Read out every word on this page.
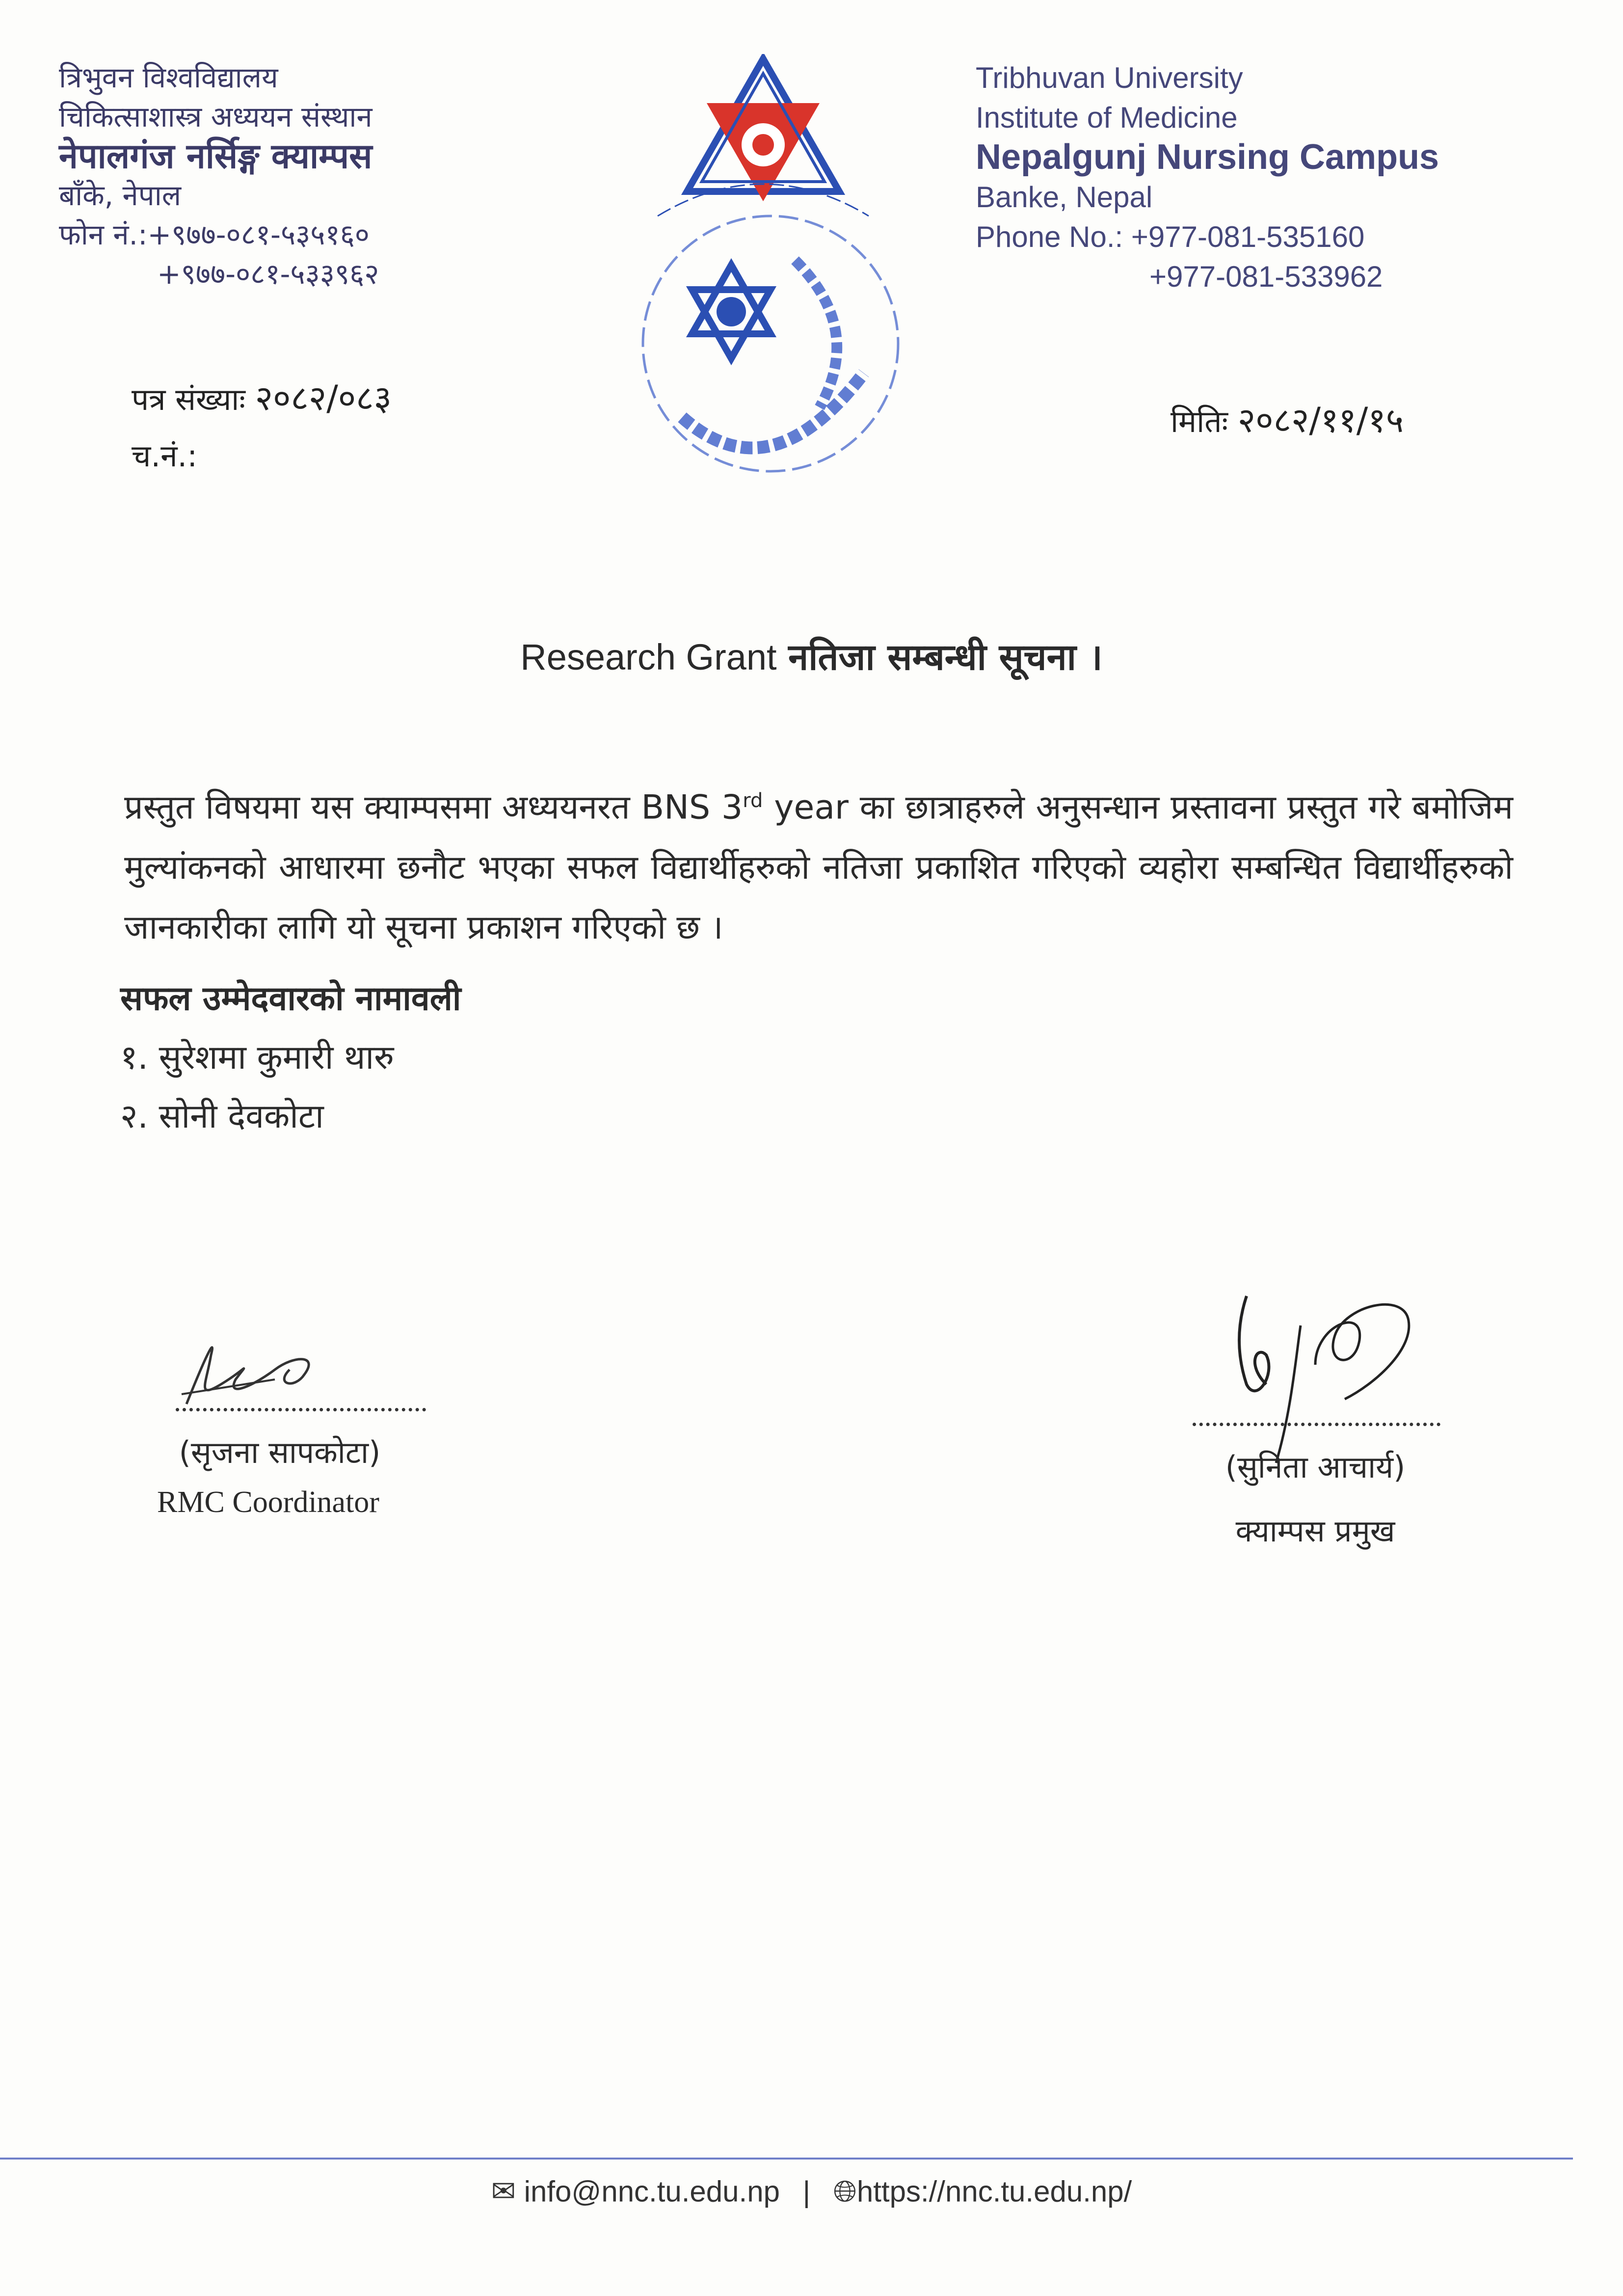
त्रिभुवन विश्वविद्यालय
चिकित्साशास्त्र अध्ययन संस्थान
नेपालगंज नर्सिङ्ग क्याम्पस
बाँके, नेपाल
फोन नं.:+९७७-०८१-५३५१६०
+९७७-०८१-५३३९६२
Tribhuvan University
Institute of Medicine
Nepalgunj Nursing Campus
Banke, Nepal
Phone No.: +977-081-535160
+977-081-533962
पत्र संख्याः २०८२/०८३
च.नं.:
मितिः २०८२/११/१५
Research Grant नतिजा सम्बन्धी सूचना ।
प्रस्तुत विषयमा यस क्याम्पसमा अध्ययनरत BNS 3rd year का छात्राहरुले अनुसन्धान प्रस्तावना प्रस्तुत गरे बमोजिम मुल्यांकनको आधारमा छनौट भएका सफल विद्यार्थीहरुको नतिजा प्रकाशित गरिएको व्यहोरा सम्बन्धित विद्यार्थीहरुको जानकारीका लागि यो सूचना प्रकाशन गरिएको छ ।
सफल उम्मेदवारको नामावली
१. सुरेशमा कुमारी थारु
२. सोनी देवकोटा
(सृजना सापकोटा)
RMC Coordinator
(सुनिता आचार्य)
क्याम्पस प्रमुख
✉ info@nnc.tu.edu.np | 🌐︎https://nnc.tu.edu.np/
